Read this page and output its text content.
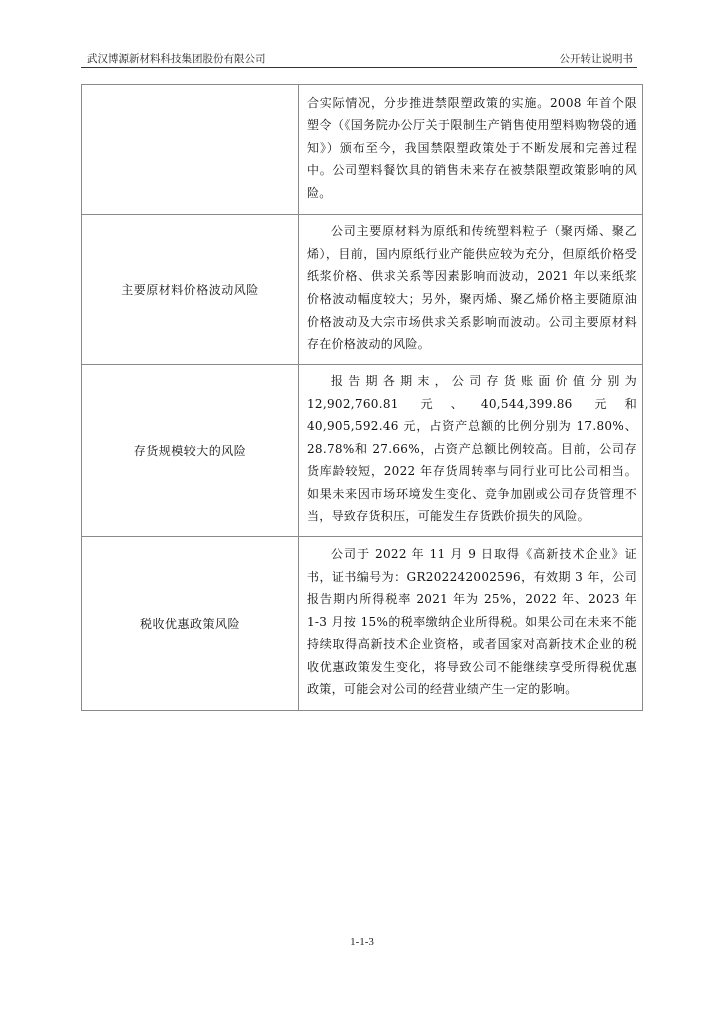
武汉博源新材料科技集团股份有限公司	公开转让说明书
	合实际情况，分步推进禁限塑政策的实施。2008 年首个限塑令（《国务院办公厅关于限制生产销售使用塑料购物袋的通知》）颁布至今，我国禁限塑政策处于不断发展和完善过程中。公司塑料餐饮具的销售未来存在被禁限塑政策影响的风险。
主要原材料价格波动风险	公司主要原材料为原纸和传统塑料粒子（聚丙烯、聚乙烯），目前，国内原纸行业产能供应较为充分，但原纸价格受纸浆价格、供求关系等因素影响而波动，2021 年以来纸浆价格波动幅度较大；另外，聚丙烯、聚乙烯价格主要随原油价格波动及大宗市场供求关系影响而波动。公司主要原材料存在价格波动的风险。
存货规模较大的风险	报告期各期末，公司存货账面价值分别为 12,902,760.81 元、40,544,399.86 元和 40,905,592.46 元，占资产总额的比例分别为 17.80%、28.78%和 27.66%，占资产总额比例较高。目前，公司存货库龄较短，2022 年存货周转率与同行业可比公司相当。如果未来因市场环境发生变化、竞争加剧或公司存货管理不当，导致存货积压，可能发生存货跌价损失的风险。
税收优惠政策风险	公司于 2022 年 11 月 9 日取得《高新技术企业》证书，证书编号为：GR202242002596，有效期 3 年，公司报告期内所得税率 2021 年为 25%，2022 年、2023 年 1-3 月按 15%的税率缴纳企业所得税。如果公司在未来不能持续取得高新技术企业资格，或者国家对高新技术企业的税收优惠政策发生变化，将导致公司不能继续享受所得税优惠政策，可能会对公司的经营业绩产生一定的影响。
1-1-3
